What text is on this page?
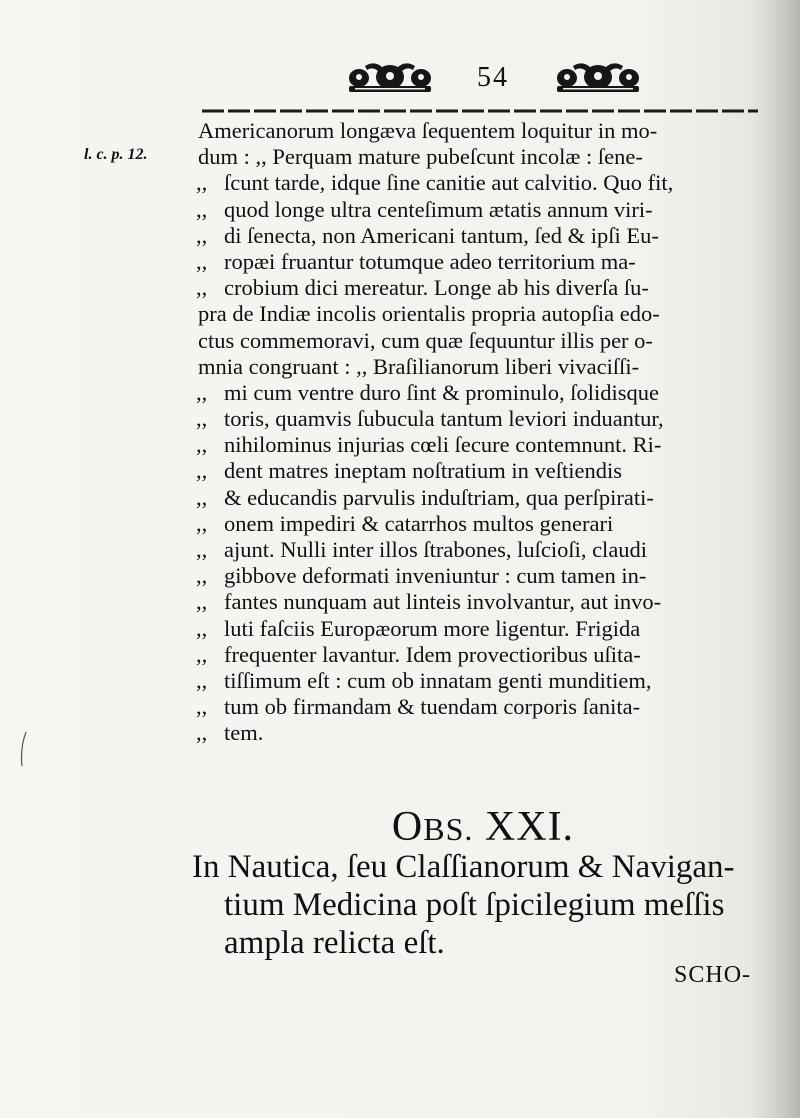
54
l. c. p. 12.
Americanorum longæva ſequentem loquitur in mo-
dum : ,, Perquam mature pubeſcunt incolæ : ſene-
,, ſcunt tarde, idque ſine canitie aut calvitio. Quo fit,
,, quod longe ultra centeſimum ætatis annum viri-
,, di ſeneсta, non Americani tantum, ſed & ipſi Eu-
,, ropæi fruantur totumque adeo territorium ma-
,, crobium dici mereatur. Longe ab his diverſa ſu-
pra de Indiæ incolis orientalis propria autopſia edo-
ctus commemoravi, cum quæ ſequuntur illis per o-
mnia congruant : ,, Braſilianorum liberi vivaciſſi-
,, mi cum ventre duro ſint & prominulo, ſolidisque
,, toris, quamvis ſubucula tantum leviori induantur,
,, nihilominus injurias cœli ſecure contemnunt. Ri-
,, dent matres ineptam noſtratium in veſtiendis
,, & educandis parvulis induſtriam, qua perſpirati-
,, onem impediri & catarrhos multos generari
,, ajunt. Nulli inter illos ſtrabones, luſcioſi, claudi
,, gibbove deformati inveniuntur : cum tamen in-
,, fantes nunquam aut linteis involvantur, aut invo-
,, luti faſciis Europæorum more ligentur. Frigida
,, frequenter lavantur. Idem provectioribus uſita-
,, tiſſimum eſt : cum ob innatam genti munditiem,
,, tum ob firmandam & tuendam corporis ſanita-
,, tem.
OBS. XXI.
In Nautica, ſeu Claſſianorum & Navigan-
tium Medicina poſt ſpicilegium meſſis
ampla relicta eſt.
SCHO-
